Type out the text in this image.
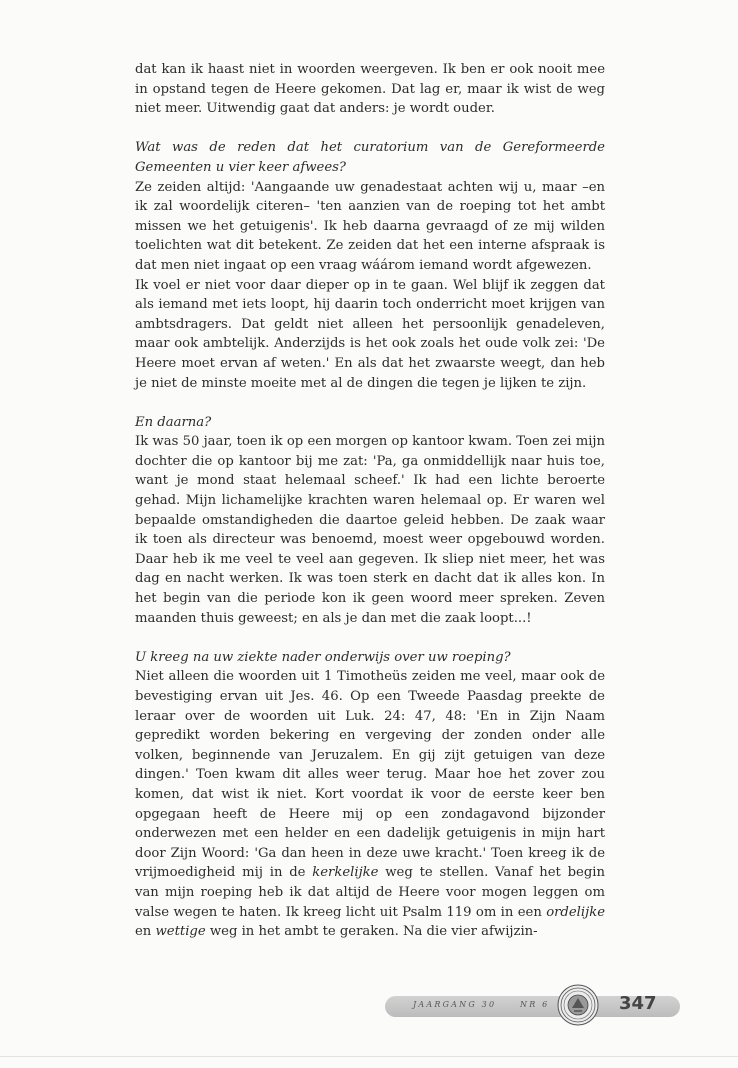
dat kan ik haast niet in woorden weergeven. Ik ben er ook nooit mee in opstand tegen de Heere gekomen. Dat lag er, maar ik wist de weg niet meer. Uitwendig gaat dat anders: je wordt ouder.

Wat was de reden dat het curatorium van de Gereformeerde Gemeenten u vier keer afwees?

Ze zeiden altijd: 'Aangaande uw genadestaat achten wij u, maar –en ik zal woordelijk citeren– 'ten aanzien van de roeping tot het ambt missen we het getuigenis'. Ik heb daarna gevraagd of ze mij wilden toelichten wat dit betekent. Ze zeiden dat het een interne afspraak is dat men niet ingaat op een vraag wáárom iemand wordt afgewezen.

Ik voel er niet voor daar dieper op in te gaan. Wel blijf ik zeggen dat als iemand met iets loopt, hij daarin toch onderricht moet krijgen van ambtsdragers. Dat geldt niet alleen het persoonlijk genadeleven, maar ook ambtelijk. Anderzijds is het ook zoals het oude volk zei: 'De Heere moet ervan af weten.' En als dat het zwaarste weegt, dan heb je niet de minste moeite met al de dingen die tegen je lijken te zijn.

En daarna?

Ik was 50 jaar, toen ik op een morgen op kantoor kwam. Toen zei mijn dochter die op kantoor bij me zat: 'Pa, ga onmiddellijk naar huis toe, want je mond staat helemaal scheef.' Ik had een lichte beroerte gehad. Mijn lichamelijke krachten waren helemaal op. Er waren wel bepaalde omstandigheden die daartoe geleid hebben. De zaak waar ik toen als directeur was benoemd, moest weer opgebouwd worden. Daar heb ik me veel te veel aan gegeven. Ik sliep niet meer, het was dag en nacht werken. Ik was toen sterk en dacht dat ik alles kon. In het begin van die periode kon ik geen woord meer spreken. Zeven maanden thuis geweest; en als je dan met die zaak loopt...!

U kreeg na uw ziekte nader onderwijs over uw roeping?

Niet alleen die woorden uit 1 Timotheüs zeiden me veel, maar ook de bevestiging ervan uit Jes. 46. Op een Tweede Paasdag preekte de leraar over de woorden uit Luk. 24: 47, 48: 'En in Zijn Naam gepredikt worden bekering en vergeving der zonden onder alle volken, beginnende van Jeruzalem. En gij zijt getuigen van deze dingen.' Toen kwam dit alles weer terug. Maar hoe het zover zou komen, dat wist ik niet. Kort voordat ik voor de eerste keer ben opgegaan heeft de Heere mij op een zondagavond bijzonder onderwezen met een helder en een dadelijk getuigenis in mijn hart door Zijn Woord: 'Ga dan heen in deze uwe kracht.' Toen kreeg ik de vrijmoedigheid mij in de kerkelijke weg te stellen. Vanaf het begin van mijn roeping heb ik dat altijd de Heere voor mogen leggen om valse wegen te haten. Ik kreeg licht uit Psalm 119 om in een ordelijke en wettige weg in het ambt te geraken. Na die vier afwijzin-

JAARGANG 30	NR 6	347
